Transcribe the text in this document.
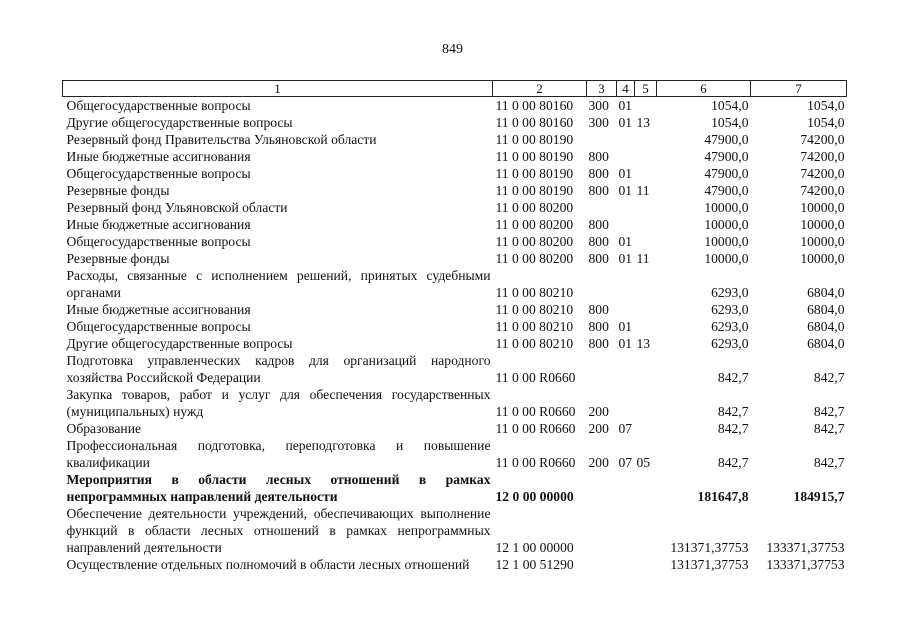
849
1	2	3	4	5	6	7
Общегосударственные вопросы	11 0 00 80160	300	01		1054,0	1054,0
Другие общегосударственные вопросы	11 0 00 80160	300	01	13	1054,0	1054,0
Резервный фонд Правительства Ульяновской области	11 0 00 80190				47900,0	74200,0
Иные бюджетные ассигнования	11 0 00 80190	800			47900,0	74200,0
Общегосударственные вопросы	11 0 00 80190	800	01		47900,0	74200,0
Резервные фонды	11 0 00 80190	800	01	11	47900,0	74200,0
Резервный фонд Ульяновской области	11 0 00 80200				10000,0	10000,0
Иные бюджетные ассигнования	11 0 00 80200	800			10000,0	10000,0
Общегосударственные вопросы	11 0 00 80200	800	01		10000,0	10000,0
Резервные фонды	11 0 00 80200	800	01	11	10000,0	10000,0
Расходы, связанные с исполнением решений, принятых судебными органами	11 0 00 80210				6293,0	6804,0
Иные бюджетные ассигнования	11 0 00 80210	800			6293,0	6804,0
Общегосударственные вопросы	11 0 00 80210	800	01		6293,0	6804,0
Другие общегосударственные вопросы	11 0 00 80210	800	01	13	6293,0	6804,0
Подготовка управленческих кадров для организаций народного хозяйства Российской Федерации	11 0 00 R0660				842,7	842,7
Закупка товаров, работ и услуг для обеспечения государственных (муниципальных) нужд	11 0 00 R0660	200			842,7	842,7
Образование	11 0 00 R0660	200	07		842,7	842,7
Профессиональная подготовка, переподготовка и повышение квалификации	11 0 00 R0660	200	07	05	842,7	842,7
Мероприятия в области лесных отношений в рамках непрограммных направлений деятельности	12 0 00 00000				181647,8	184915,7
Обеспечение деятельности учреждений, обеспечивающих выполнение функций в области лесных отношений в рамках непрограммных направлений деятельности	12 1 00 00000				131371,37753	133371,37753
Осуществление отдельных полномочий в области лесных отношений	12 1 00 51290				131371,37753	133371,37753
